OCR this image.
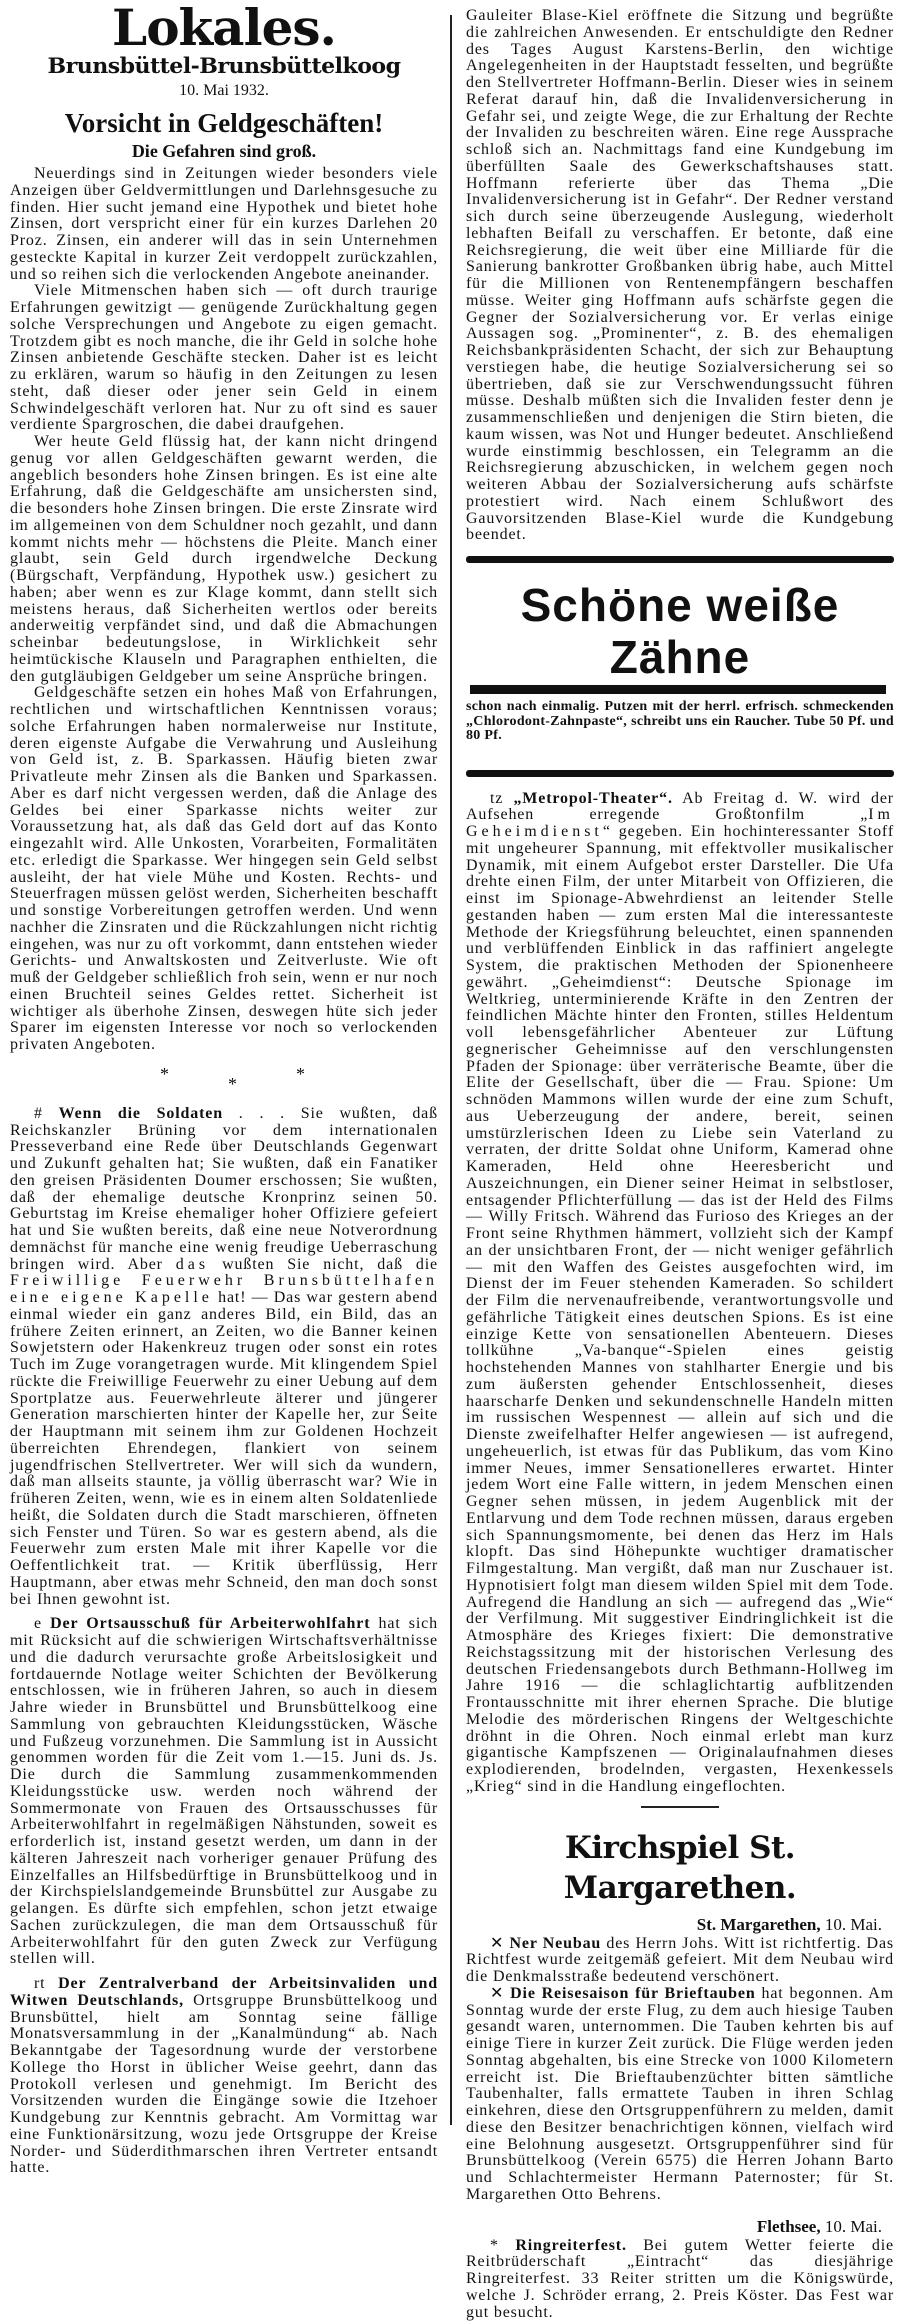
Lokales.
Brunsbüttel-Brunsbüttelkoog
10. Mai 1932.
Vorsicht in Geldgeschäften!
Die Gefahren sind groß.

Neuerdings sind in Zeitungen wieder besonders viele Anzeigen über Geldvermittlungen und Darlehnsgesuche zu finden. Hier sucht jemand eine Hypothek und bietet hohe Zinsen, dort verspricht einer für ein kurzes Darlehen 20 Proz. Zinsen, ein anderer will das in sein Unternehmen gesteckte Kapital in kurzer Zeit verdoppelt zurückzahlen, und so reihen sich die verlockenden Angebote aneinander.

Viele Mitmenschen haben sich — oft durch traurige Erfahrungen gewitzigt — genügende Zurückhaltung gegen solche Versprechungen und Angebote zu eigen gemacht. Trotzdem gibt es noch manche, die ihr Geld in solche hohe Zinsen anbietende Geschäfte stecken. Daher ist es leicht zu erklären, warum so häufig in den Zeitungen zu lesen steht, daß dieser oder jener sein Geld in einem Schwindelgeschäft verloren hat. Nur zu oft sind es sauer verdiente Spargroschen, die dabei draufgehen.

Wer heute Geld flüssig hat, der kann nicht dringend genug vor allen Geldgeschäften gewarnt werden, die angeblich besonders hohe Zinsen bringen. Es ist eine alte Erfahrung, daß die Geldgeschäfte am unsichersten sind, die besonders hohe Zinsen bringen. Die erste Zinsrate wird im allgemeinen von dem Schuldner noch gezahlt, und dann kommt nichts mehr — höchstens die Pleite. Manch einer glaubt, sein Geld durch irgendwelche Deckung (Bürgschaft, Verpfändung, Hypothek usw.) gesichert zu haben; aber wenn es zur Klage kommt, dann stellt sich meistens heraus, daß Sicherheiten wertlos oder bereits anderweitig verpfändet sind, und daß die Abmachungen scheinbar bedeutungslose, in Wirklichkeit sehr heimtückische Klauseln und Paragraphen enthielten, die den gutgläubigen Geldgeber um seine Ansprüche bringen.

Geldgeschäfte setzen ein hohes Maß von Erfahrungen, rechtlichen und wirtschaftlichen Kenntnissen voraus; solche Erfahrungen haben normalerweise nur Institute, deren eigenste Aufgabe die Verwahrung und Ausleihung von Geld ist, z. B. Sparkassen. Häufig bieten zwar Privatleute mehr Zinsen als die Banken und Sparkassen. Aber es darf nicht vergessen werden, daß die Anlage des Geldes bei einer Sparkasse nichts weiter zur Voraussetzung hat, als daß das Geld dort auf das Konto eingezahlt wird. Alle Unkosten, Vorarbeiten, Formalitäten etc. erledigt die Sparkasse. Wer hingegen sein Geld selbst ausleiht, der hat viele Mühe und Kosten. Rechts- und Steuerfragen müssen gelöst werden, Sicherheiten beschafft und sonstige Vorbereitungen getroffen werden. Und wenn nachher die Zinsraten und die Rückzahlungen nicht richtig eingehen, was nur zu oft vorkommt, dann entstehen wieder Gerichts- und Anwaltskosten und Zeitverluste. Wie oft muß der Geldgeber schließlich froh sein, wenn er nur noch einen Bruchteil seines Geldes rettet. Sicherheit ist wichtiger als überhohe Zinsen, deswegen hüte sich jeder Sparer im eigensten Interesse vor noch so verlockenden privaten Angeboten.

*	*	*

# Wenn die Soldaten . . . Sie wußten, daß Reichskanzler Brüning vor dem internationalen Presseverband eine Rede über Deutschlands Gegenwart und Zukunft gehalten hat; Sie wußten, daß ein Fanatiker den greisen Präsidenten Doumer erschossen; Sie wußten, daß der ehemalige deutsche Kronprinz seinen 50. Geburtstag im Kreise ehemaliger hoher Offiziere gefeiert hat und Sie wußten bereits, daß eine neue Notverordnung demnächst für manche eine wenig freudige Ueberraschung bringen wird. Aber das wußten Sie nicht, daß die Freiwillige Feuerwehr Brunsbüttelhafen eine eigene Kapelle hat! — Das war gestern abend einmal wieder ein ganz anderes Bild, ein Bild, das an frühere Zeiten erinnert, an Zeiten, wo die Banner keinen Sowjetstern oder Hakenkreuz trugen oder sonst ein rotes Tuch im Zuge vorangetragen wurde. Mit klingendem Spiel rückte die Freiwillige Feuerwehr zu einer Uebung auf dem Sportplatze aus. Feuerwehrleute älterer und jüngerer Generation marschierten hinter der Kapelle her, zur Seite der Hauptmann mit seinem ihm zur Goldenen Hochzeit überreichten Ehrendegen, flankiert von seinem jugendfrischen Stellvertreter. Wer will sich da wundern, daß man allseits staunte, ja völlig überrascht war? Wie in früheren Zeiten, wenn, wie es in einem alten Soldatenliede heißt, die Soldaten durch die Stadt marschieren, öffneten sich Fenster und Türen. So war es gestern abend, als die Feuerwehr zum ersten Male mit ihrer Kapelle vor die Oeffentlichkeit trat. — Kritik überflüssig, Herr Hauptmann, aber etwas mehr Schneid, den man doch sonst bei Ihnen gewohnt ist.

e Der Ortsausschuß für Arbeiterwohlfahrt hat sich mit Rücksicht auf die schwierigen Wirtschaftsverhältnisse und die dadurch verursachte große Arbeitslosigkeit und fortdauernde Notlage weiter Schichten der Bevölkerung entschlossen, wie in früheren Jahren, so auch in diesem Jahre wieder in Brunsbüttel und Brunsbüttelkoog eine Sammlung von gebrauchten Kleidungsstücken, Wäsche und Fußzeug vorzunehmen. Die Sammlung ist in Aussicht genommen worden für die Zeit vom 1.—15. Juni ds. Js. Die durch die Sammlung zusammenkommenden Kleidungsstücke usw. werden noch während der Sommermonate von Frauen des Ortsausschusses für Arbeiterwohlfahrt in regelmäßigen Nähstunden, soweit es erforderlich ist, instand gesetzt werden, um dann in der kälteren Jahreszeit nach vorheriger genauer Prüfung des Einzelfalles an Hilfsbedürftige in Brunsbüttelkoog und in der Kirchspielslandgemeinde Brunsbüttel zur Ausgabe zu gelangen. Es dürfte sich empfehlen, schon jetzt etwaige Sachen zurückzulegen, die man dem Ortsausschuß für Arbeiterwohlfahrt für den guten Zweck zur Verfügung stellen will.

rt Der Zentralverband der Arbeitsinvaliden und Witwen Deutschlands, Ortsgruppe Brunsbüttelkoog und Brunsbüttel, hielt am Sonntag seine fällige Monatsversammlung in der „Kanalmündung“ ab. Nach Bekanntgabe der Tagesordnung wurde der verstorbene Kollege tho Horst in üblicher Weise geehrt, dann das Protokoll verlesen und genehmigt. Im Bericht des Vorsitzenden wurden die Eingänge sowie die Itzehoer Kundgebung zur Kenntnis gebracht. Am Vormittag war eine Funktionärsitzung, wozu jede Ortsgruppe der Kreise Norder- und Süderdithmarschen ihren Vertreter entsandt hatte.

Gauleiter Blase-Kiel eröffnete die Sitzung und begrüßte die zahlreichen Anwesenden. Er entschuldigte den Redner des Tages August Karstens-Berlin, den wichtige Angelegenheiten in der Hauptstadt fesselten, und begrüßte den Stellvertreter Hoffmann-Berlin. Dieser wies in seinem Referat darauf hin, daß die Invalidenversicherung in Gefahr sei, und zeigte Wege, die zur Erhaltung der Rechte der Invaliden zu beschreiten wären. Eine rege Aussprache schloß sich an. Nachmittags fand eine Kundgebung im überfüllten Saale des Gewerkschaftshauses statt. Hoffmann referierte über das Thema „Die Invalidenversicherung ist in Gefahr“. Der Redner verstand sich durch seine überzeugende Auslegung, wiederholt lebhaften Beifall zu verschaffen. Er betonte, daß eine Reichsregierung, die weit über eine Milliarde für die Sanierung bankrotter Großbanken übrig habe, auch Mittel für die Millionen von Rentenempfängern beschaffen müsse. Weiter ging Hoffmann aufs schärfste gegen die Gegner der Sozialversicherung vor. Er verlas einige Aussagen sog. „Prominenter“, z. B. des ehemaligen Reichsbankpräsidenten Schacht, der sich zur Behauptung verstiegen habe, die heutige Sozialversicherung sei so übertrieben, daß sie zur Verschwendungssucht führen müsse. Deshalb müßten sich die Invaliden fester denn je zusammenschließen und denjenigen die Stirn bieten, die kaum wissen, was Not und Hunger bedeutet. Anschließend wurde einstimmig beschlossen, ein Telegramm an die Reichsregierung abzuschicken, in welchem gegen noch weiteren Abbau der Sozialversicherung aufs schärfste protestiert wird. Nach einem Schlußwort des Gauvorsitzenden Blase-Kiel wurde die Kundgebung beendet.

Schöne weiße Zähne

schon nach einmalig. Putzen mit der herrl. erfrisch. schmeckenden „Chlorodont-Zahnpaste“, schreibt uns ein Raucher. Tube 50 Pf. und 80 Pf.

tz „Metropol-Theater“. Ab Freitag d. W. wird der Aufsehen erregende Großtonfilm „Im Geheimdienst“ gegeben. Ein hochinteressanter Stoff mit ungeheurer Spannung, mit effektvoller musikalischer Dynamik, mit einem Aufgebot erster Darsteller. Die Ufa drehte einen Film, der unter Mitarbeit von Offizieren, die einst im Spionage-Abwehrdienst an leitender Stelle gestanden haben — zum ersten Mal die interessanteste Methode der Kriegsführung beleuchtet, einen spannenden und verblüffenden Einblick in das raffiniert angelegte System, die praktischen Methoden der Spionenheere gewährt. „Geheimdienst“: Deutsche Spionage im Weltkrieg, unterminierende Kräfte in den Zentren der feindlichen Mächte hinter den Fronten, stilles Heldentum voll lebensgefährlicher Abenteuer zur Lüftung gegnerischer Geheimnisse auf den verschlungensten Pfaden der Spionage: über verräterische Beamte, über die Elite der Gesellschaft, über die — Frau. Spione: Um schnöden Mammons willen wurde der eine zum Schuft, aus Ueberzeugung der andere, bereit, seinen umstürzlerischen Ideen zu Liebe sein Vaterland zu verraten, der dritte Soldat ohne Uniform, Kamerad ohne Kameraden, Held ohne Heeresbericht und Auszeichnungen, ein Diener seiner Heimat in selbstloser, entsagender Pflichterfüllung — das ist der Held des Films — Willy Fritsch. Während das Furioso des Krieges an der Front seine Rhythmen hämmert, vollzieht sich der Kampf an der unsichtbaren Front, der — nicht weniger gefährlich — mit den Waffen des Geistes ausgefochten wird, im Dienst der im Feuer stehenden Kameraden. So schildert der Film die nervenaufreibende, verantwortungsvolle und gefährliche Tätigkeit eines deutschen Spions. Es ist eine einzige Kette von sensationellen Abenteuern. Dieses tollkühne „Va-banque“-Spielen eines geistig hochstehenden Mannes von stahlharter Energie und bis zum äußersten gehender Entschlossenheit, dieses haarscharfe Denken und sekundenschnelle Handeln mitten im russischen Wespennest — allein auf sich und die Dienste zweifelhafter Helfer angewiesen — ist aufregend, ungeheuerlich, ist etwas für das Publikum, das vom Kino immer Neues, immer Sensationelleres erwartet. Hinter jedem Wort eine Falle wittern, in jedem Menschen einen Gegner sehen müssen, in jedem Augenblick mit der Entlarvung und dem Tode rechnen müssen, daraus ergeben sich Spannungsmomente, bei denen das Herz im Hals klopft. Das sind Höhepunkte wuchtiger dramatischer Filmgestaltung. Man vergißt, daß man nur Zuschauer ist. Hypnotisiert folgt man diesem wilden Spiel mit dem Tode. Aufregend die Handlung an sich — aufregend das „Wie“ der Verfilmung. Mit suggestiver Eindringlichkeit ist die Atmosphäre des Krieges fixiert: Die demonstrative Reichstagssitzung mit der historischen Verlesung des deutschen Friedensangebots durch Bethmann-Hollweg im Jahre 1916 — die schlaglichtartig aufblitzenden Frontausschnitte mit ihrer ehernen Sprache. Die blutige Melodie des mörderischen Ringens der Weltgeschichte dröhnt in die Ohren. Noch einmal erlebt man kurz gigantische Kampfszenen — Originalaufnahmen dieses explodierenden, brodelnden, vergasten, Hexenkessels „Krieg“ sind in die Handlung eingeflochten.

Kirchspiel St. Margarethen.
St. Margarethen, 10. Mai.

✕ Ner Neubau des Herrn Johs. Witt ist richtfertig. Das Richtfest wurde zeitgemäß gefeiert. Mit dem Neubau wird die Denkmalsstraße bedeutend verschönert.

✕ Die Reisesaison für Brieftauben hat begonnen. Am Sonntag wurde der erste Flug, zu dem auch hiesige Tauben gesandt waren, unternommen. Die Tauben kehrten bis auf einige Tiere in kurzer Zeit zurück. Die Flüge werden jeden Sonntag abgehalten, bis eine Strecke von 1000 Kilometern erreicht ist. Die Brieftaubenzüchter bitten sämtliche Taubenhalter, falls ermattete Tauben in ihren Schlag einkehren, diese den Ortsgruppenführern zu melden, damit diese den Besitzer benachrichtigen können, vielfach wird eine Belohnung ausgesetzt. Ortsgruppenführer sind für Brunsbüttelkoog (Verein 6575) die Herren Johann Barto und Schlachtermeister Hermann Paternoster; für St. Margarethen Otto Behrens.

Flethsee, 10. Mai.

* Ringreiterfest. Bei gutem Wetter feierte die Reitbrüderschaft „Eintracht“ das diesjährige Ringreiterfest. 33 Reiter stritten um die Königswürde, welche J. Schröder errang, 2. Preis Köster. Das Fest war gut besucht.
